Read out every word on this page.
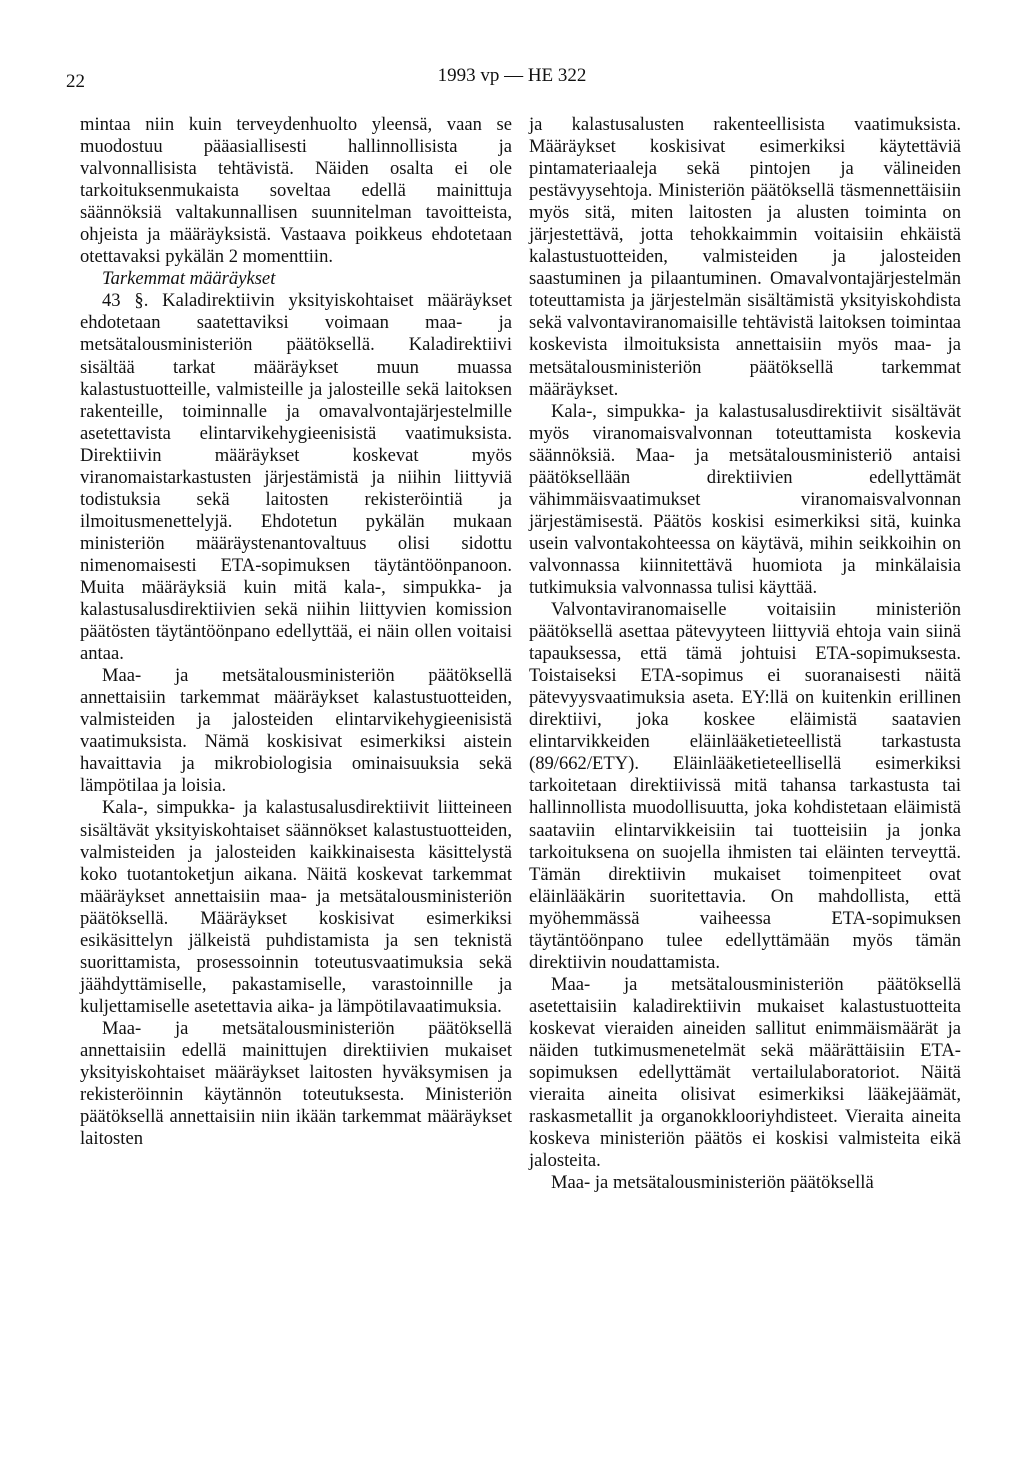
22	1993 vp — HE 322

mintaa niin kuin terveydenhuolto yleensä, vaan se muodostuu pääasiallisesti hallinnollisista ja valvonnallisista tehtävistä. Näiden osalta ei ole tarkoituksenmukaista soveltaa edellä mainittuja säännöksiä valtakunnallisen suunnitelman tavoitteista, ohjeista ja määräyksistä. Vastaava poikkeus ehdotetaan otettavaksi pykälän 2 momenttiin.

Tarkemmat määräykset

43 §. Kaladirektiivin yksityiskohtaiset määräykset ehdotetaan saatettaviksi voimaan maa- ja metsätalousministeriön päätöksellä. Kaladirektiivi sisältää tarkat määräykset muun muassa kalastustuotteille, valmisteille ja jalosteille sekä laitoksen rakenteille, toiminnalle ja omavalvontajärjestelmille asetettavista elintarvikehygieenisistä vaatimuksista. Direktiivin määräykset koskevat myös viranomaistarkastusten järjestämistä ja niihin liittyviä todistuksia sekä laitosten rekisteröintiä ja ilmoitusmenettelyjä. Ehdotetun pykälän mukaan ministeriön määräystenantovaltuus olisi sidottu nimenomaisesti ETA-sopimuksen täytäntöönpanoon. Muita määräyksiä kuin mitä kala-, simpukka- ja kalastusalusdirektiivien sekä niihin liittyvien komission päätösten täytäntöönpano edellyttää, ei näin ollen voitaisi antaa.

Maa- ja metsätalousministeriön päätöksellä annettaisiin tarkemmat määräykset kalastustuotteiden, valmisteiden ja jalosteiden elintarvikehygieenisistä vaatimuksista. Nämä koskisivat esimerkiksi aistein havaittavia ja mikrobiologisia ominaisuuksia sekä lämpötilaa ja loisia.

Kala-, simpukka- ja kalastusalusdirektiivit liitteineen sisältävät yksityiskohtaiset säännökset kalastustuotteiden, valmisteiden ja jalosteiden kaikkinaisesta käsittelystä koko tuotantoketjun aikana. Näitä koskevat tarkemmat määräykset annettaisiin maa- ja metsätalousministeriön päätöksellä. Määräykset koskisivat esimerkiksi esikäsittelyn jälkeistä puhdistamista ja sen teknistä suorittamista, prosessoinnin toteutusvaatimuksia sekä jäähdyttämiselle, pakastamiselle, varastoinnille ja kuljettamiselle asetettavia aika- ja lämpötilavaatimuksia.

Maa- ja metsätalousministeriön päätöksellä annettaisiin edellä mainittujen direktiivien mukaiset yksityiskohtaiset määräykset laitosten hyväksymisen ja rekisteröinnin käytännön toteutuksesta. Ministeriön päätöksellä annettaisiin niin ikään tarkemmat määräykset laitosten

ja kalastusalusten rakenteellisista vaatimuksista. Määräykset koskisivat esimerkiksi käytettäviä pintamateriaaleja sekä pintojen ja välineiden pestävyysehtoja. Ministeriön päätöksellä täsmennettäisiin myös sitä, miten laitosten ja alusten toiminta on järjestettävä, jotta tehokkaimmin voitaisiin ehkäistä kalastustuotteiden, valmisteiden ja jalosteiden saastuminen ja pilaantuminen. Omavalvontajärjestelmän toteuttamista ja järjestelmän sisältämistä yksityiskohdista sekä valvontaviranomaisille tehtävistä laitoksen toimintaa koskevista ilmoituksista annettaisiin myös maa- ja metsätalousministeriön päätöksellä tarkemmat määräykset.

Kala-, simpukka- ja kalastusalusdirektiivit sisältävät myös viranomaisvalvonnan toteuttamista koskevia säännöksiä. Maa- ja metsätalousministeriö antaisi päätöksellään direktiivien edellyttämät vähimmäisvaatimukset viranomaisvalvonnan järjestämisestä. Päätös koskisi esimerkiksi sitä, kuinka usein valvontakohteessa on käytävä, mihin seikkoihin on valvonnassa kiinnitettävä huomiota ja minkälaisia tutkimuksia valvonnassa tulisi käyttää.

Valvontaviranomaiselle voitaisiin ministeriön päätöksellä asettaa pätevyyteen liittyviä ehtoja vain siinä tapauksessa, että tämä johtuisi ETA-sopimuksesta. Toistaiseksi ETA-sopimus ei suoranaisesti näitä pätevyysvaatimuksia aseta. EY:llä on kuitenkin erillinen direktiivi, joka koskee eläimistä saatavien elintarvikkeiden eläinlääketieteellistä tarkastusta (89/662/ETY). Eläinlääketieteellisellä esimerkiksi tarkoitetaan direktiivissä mitä tahansa tarkastusta tai hallinnollista muodollisuutta, joka kohdistetaan eläimistä saataviin elintarvikkeisiin tai tuotteisiin ja jonka tarkoituksena on suojella ihmisten tai eläinten terveyttä. Tämän direktiivin mukaiset toimenpiteet ovat eläinlääkärin suoritettavia. On mahdollista, että myöhemmässä vaiheessa ETA-sopimuksen täytäntöönpano tulee edellyttämään myös tämän direktiivin noudattamista.

Maa- ja metsätalousministeriön päätöksellä asetettaisiin kaladirektiivin mukaiset kalastustuotteita koskevat vieraiden aineiden sallitut enimmäismäärät ja näiden tutkimusmenetelmät sekä määrättäisiin ETA-sopimuksen edellyttämät vertailulaboratoriot. Näitä vieraita aineita olisivat esimerkiksi lääkejäämät, raskasmetallit ja organokklooriyhdisteet. Vieraita aineita koskeva ministeriön päätös ei koskisi valmisteita eikä jalosteita.

Maa- ja metsätalousministeriön päätöksellä
